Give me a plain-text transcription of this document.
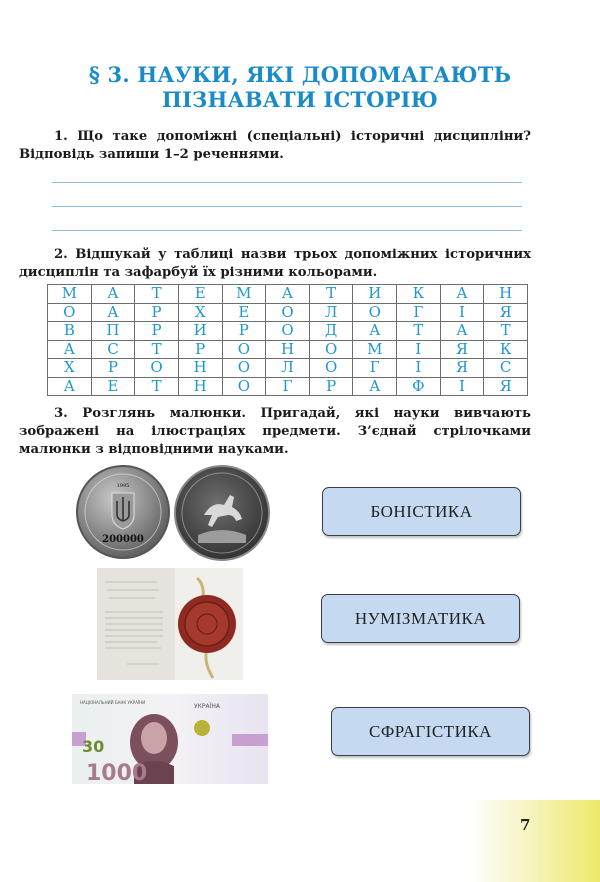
§ 3. НАУКИ, ЯКІ ДОПОМАГАЮТЬ
ПІЗНАВАТИ ІСТОРІЮ

1. Що таке допоміжні (спеціальні) історичні дисципліни? Відповідь запиши 1–2 реченнями.

2. Відшукай у таблиці назви трьох допоміжних історичних дисциплін та зафарбуй їх різними кольорами.

М	А	Т	Е	М	А	Т	И	К	А	Н
О	А	Р	Х	Е	О	Л	О	Г	І	Я
В	П	Р	И	Р	О	Д	А	Т	А	Т
А	С	Т	Р	О	Н	О	М	І	Я	К
Х	Р	О	Н	О	Л	О	Г	І	Я	С
А	Е	Т	Н	О	Г	Р	А	Ф	І	Я

3. Розглянь малюнки. Пригадай, які науки вивчають зображені на ілюстраціях предмети. З’єднай стрілочками малюнки з відповідними науками.

200000
1995
НАЦІОНАЛЬНИЙ БАНК УКРАЇНИ
УКРАЇНА
30
1000
БОНІСТИКА
НУМІЗМАТИКА
СФРАГІСТИКА
7
